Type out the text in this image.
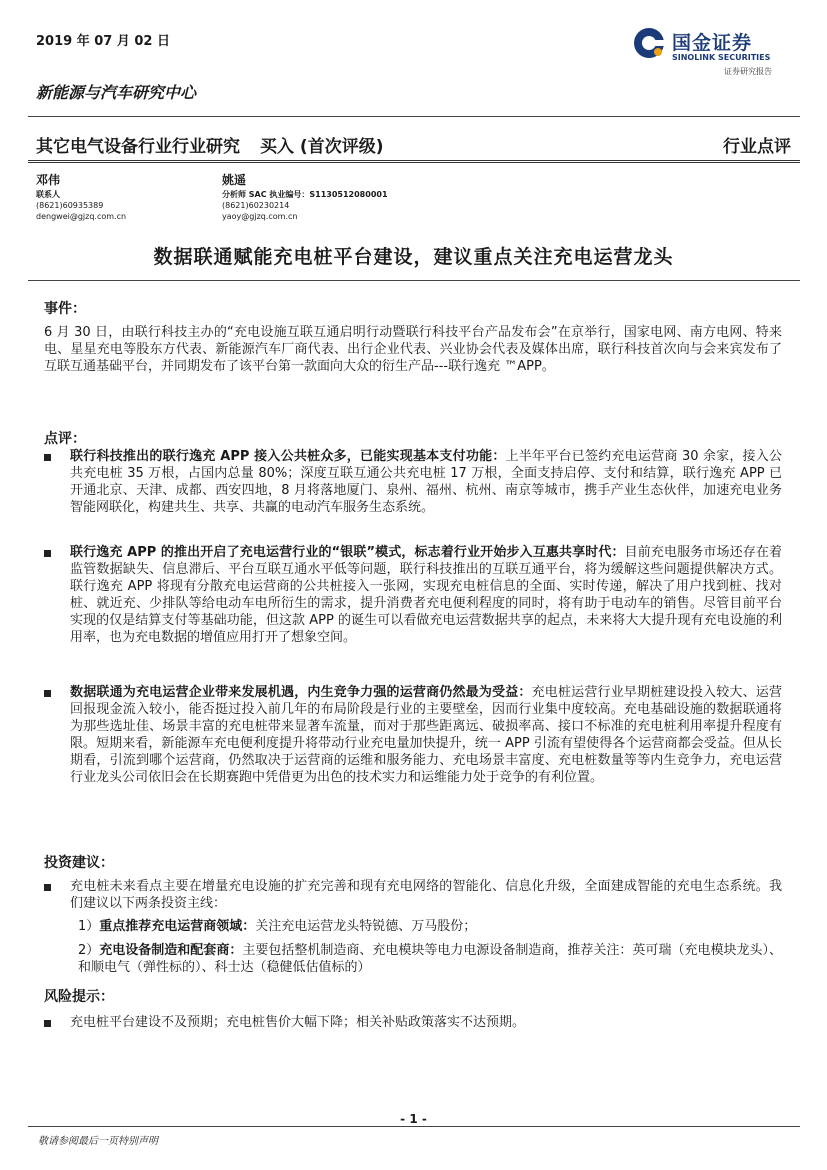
2019 年 07 月 02 日	国金证券
SINOLINK SECURITIES
证券研究报告
新能源与汽车研究中心
其它电气设备行业行业研究 买入 (首次评级)	行业点评
邓伟
联系人
(8621)60935389
dengwei@gjzq.com.cn
姚遥
分析师 SAC 执业编号：S1130512080001
(8621)60230214
yaoy@gjzq.com.cn
数据联通赋能充电桩平台建设，建议重点关注充电运营龙头
事件：
6 月 30 日，由联行科技主办的“充电设施互联互通启明行动暨联行科技平台产品发布会”在京举行，国家电网、南方电网、特来电、星星充电等股东方代表、新能源汽车厂商代表、出行企业代表、兴业协会代表及媒体出席，联行科技首次向与会来宾发布了互联互通基础平台，并同期发布了该平台第一款面向大众的衍生产品---联行逸充 ™APP。
点评：
联行科技推出的联行逸充 APP 接入公共桩众多，已能实现基本支付功能：上半年平台已签约充电运营商 30 余家，接入公共充电桩 35 万根，占国内总量 80%；深度互联互通公共充电桩 17 万根，全面支持启停、支付和结算，联行逸充 APP 已开通北京、天津、成都、西安四地，8 月将落地厦门、泉州、福州、杭州、南京等城市，携手产业生态伙伴，加速充电业务智能网联化，构建共生、共享、共赢的电动汽车服务生态系统。
联行逸充 APP 的推出开启了充电运营行业的“银联”模式，标志着行业开始步入互惠共享时代：目前充电服务市场还存在着监管数据缺失、信息滞后、平台互联互通水平低等问题，联行科技推出的互联互通平台，将为缓解这些问题提供解决方式。联行逸充 APP 将现有分散充电运营商的公共桩接入一张网，实现充电桩信息的全面、实时传递，解决了用户找到桩、找对桩、就近充、少排队等给电动车电所衍生的需求，提升消费者充电便利程度的同时，将有助于电动车的销售。尽管目前平台实现的仅是结算支付等基础功能，但这款 APP 的诞生可以看做充电运营数据共享的起点，未来将大大提升现有充电设施的利用率，也为充电数据的增值应用打开了想象空间。
数据联通为充电运营企业带来发展机遇，内生竞争力强的运营商仍然最为受益：充电桩运营行业早期桩建设投入较大、运营回报现金流入较小，能否挺过投入前几年的布局阶段是行业的主要壁垒，因而行业集中度较高。充电基础设施的数据联通将为那些选址佳、场景丰富的充电桩带来显著车流量，而对于那些距离远、破损率高、接口不标准的充电桩利用率提升程度有限。短期来看，新能源车充电便利度提升将带动行业充电量加快提升，统一 APP 引流有望使得各个运营商都会受益。但从长期看，引流到哪个运营商，仍然取决于运营商的运维和服务能力、充电场景丰富度、充电桩数量等等内生竞争力，充电运营行业龙头公司依旧会在长期赛跑中凭借更为出色的技术实力和运维能力处于竞争的有利位置。
投资建议：
充电桩未来看点主要在增量充电设施的扩充完善和现有充电网络的智能化、信息化升级，全面建成智能的充电生态系统。我们建议以下两条投资主线：
1）重点推荐充电运营商领域：关注充电运营龙头特锐德、万马股份；
2）充电设备制造和配套商：主要包括整机制造商、充电模块等电力电源设备制造商，推荐关注：英可瑞（充电模块龙头）、和顺电气（弹性标的）、科士达（稳健低估值标的）
风险提示：
充电桩平台建设不及预期；充电桩售价大幅下降；相关补贴政策落实不达预期。
- 1 -
敬请参阅最后一页特别声明
